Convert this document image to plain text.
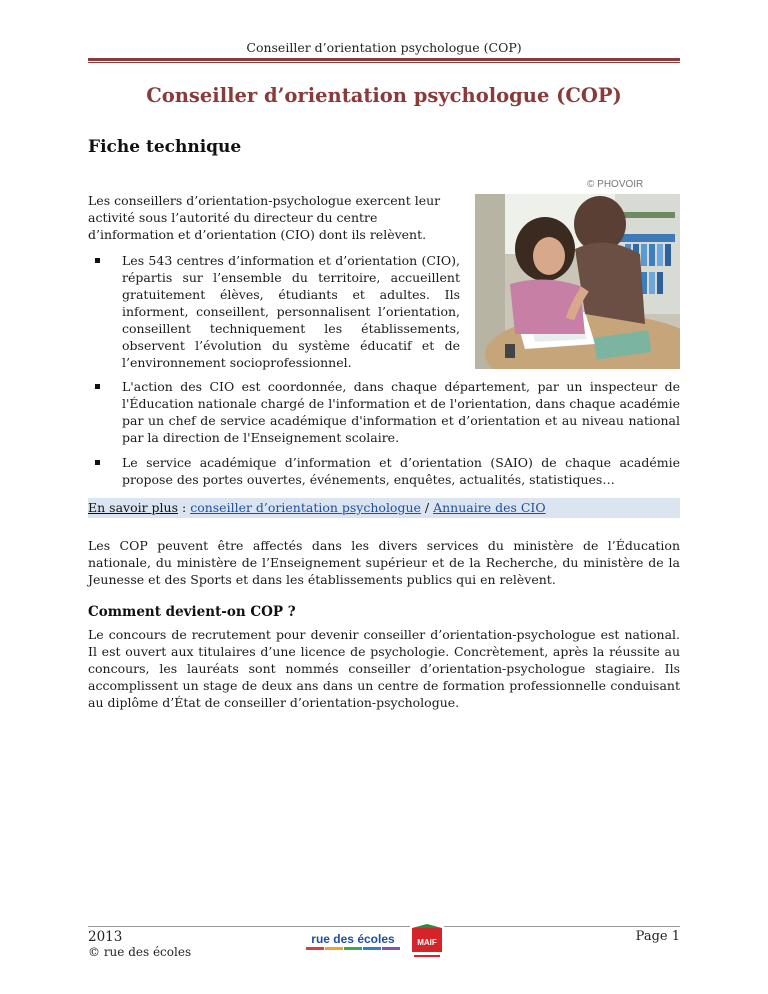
Conseiller d’orientation psychologue (COP)
Conseiller d’orientation psychologue (COP)
Fiche technique
© PHOVOIR

Les conseillers d’orientation-psychologue exercent leur activité sous l’autorité du directeur du centre d’information et d’orientation (CIO) dont ils relèvent.

Les 543 centres d’information et d’orientation (CIO), répartis sur l’ensemble du territoire, accueillent gratuitement élèves, étudiants et adultes. Ils informent, conseillent, personnalisent l’orientation, conseillent techniquement les établissements, observent l’évolution du système éducatif et de l’environnement socioprofessionnel.
L'action des CIO est coordonnée, dans chaque département, par un inspecteur de l'Éducation nationale chargé de l'information et de l'orientation, dans chaque académie par un chef de service académique d'information et d’orientation et au niveau national par la direction de l'Enseignement scolaire.
Le service académique d’information et d’orientation (SAIO) de chaque académie propose des portes ouvertes, événements, enquêtes, actualités, statistiques…
En savoir plus : conseiller d’orientation psychologue / Annuaire des CIO

Les COP peuvent être affectés dans les divers services du ministère de l’Éducation nationale, du ministère de l’Enseignement supérieur et de la Recherche, du ministère de la Jeunesse et des Sports et dans les établissements publics qui en relèvent.

Comment devient-on COP ?

Le concours de recrutement pour devenir conseiller d’orientation-psychologue est national. Il est ouvert aux titulaires d’une licence de psychologie. Concrètement, après la réussite au concours, les lauréats sont nommés conseiller d’orientation-psychologue stagiaire. Ils accomplissent un stage de deux ans dans un centre de formation professionnelle conduisant au diplôme d’État de conseiller d’orientation-psychologue.

2013
© rue des écoles
Page 1
rue des écoles	MAIF
